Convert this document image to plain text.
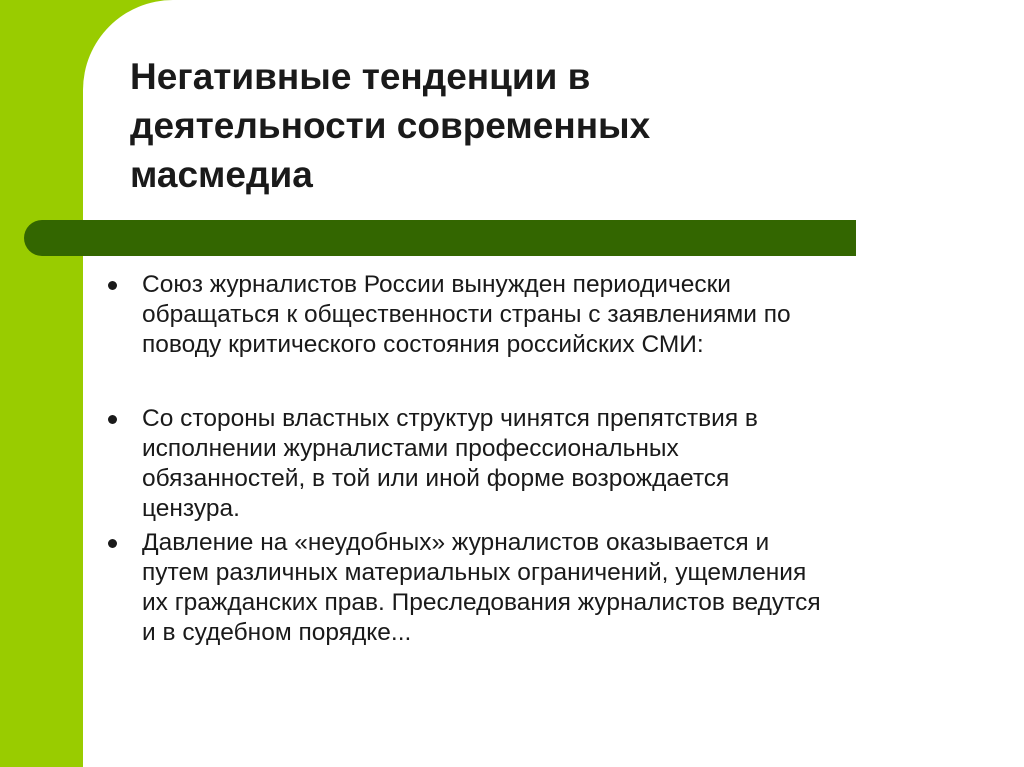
Негативные тенденции в
деятельности современных
масмедиа
Союз журналистов России вынужден периодически
обращаться к общественности страны с заявлениями по
поводу критического состояния российских СМИ:
Со стороны властных структур чинятся препятствия в
исполнении журналистами профессиональных
обязанностей, в той или иной форме возрождается
цензура.
Давление на «неудобных» журналистов оказывается и
путем различных материальных ограничений, ущемления
их гражданских прав. Преследования журналистов ведутся
и в судебном порядке...
